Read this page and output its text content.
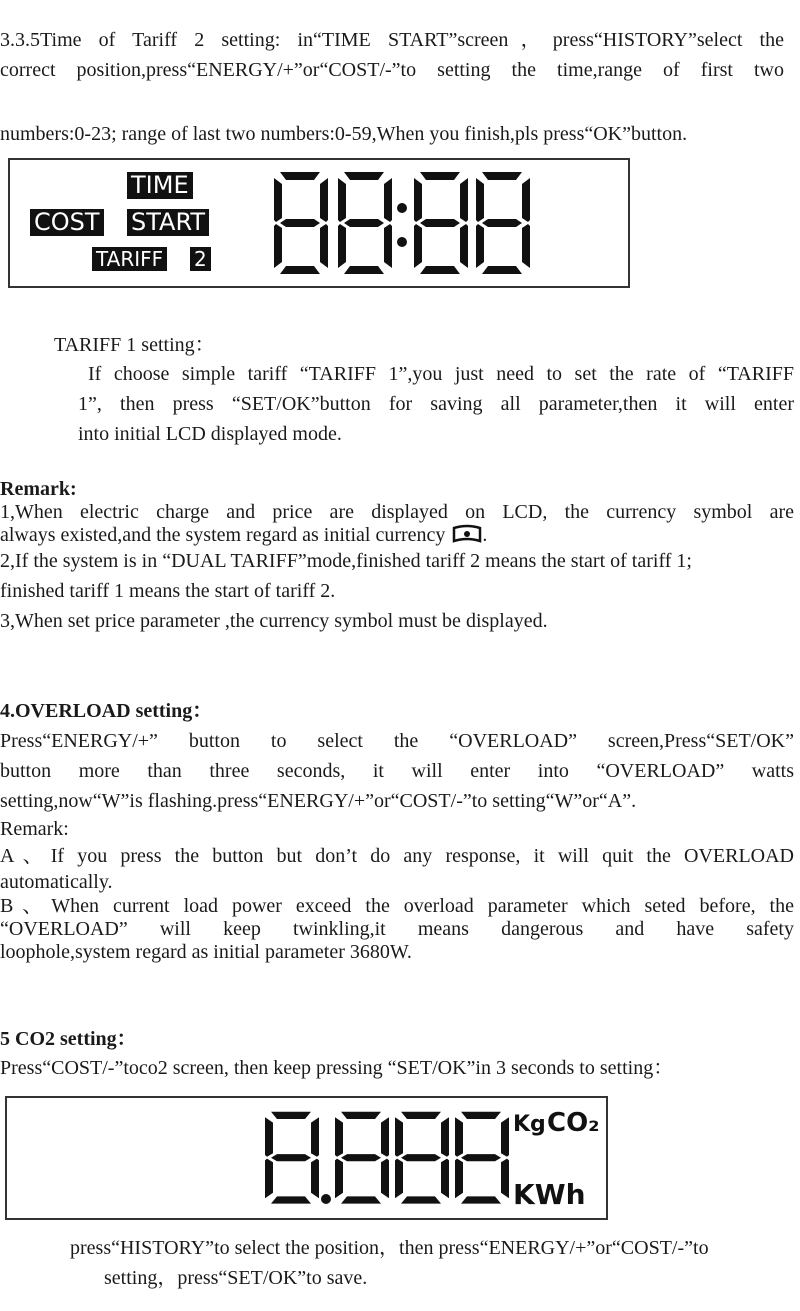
3.3.5Time of Tariff 2 setting: in“TIME START”screen，press“HISTORY”select the
correct position,press“ENERGY/+”or“COST/-”to setting the time,range of first two
numbers:0-23; range of last two numbers:0-59,When you finish,pls press“OK”button.
TIME
COST START
TARIFF 2
TARIFF 1 setting：
If choose simple tariff “TARIFF 1”,you just need to set the rate of “TARIFF
1”, then press “SET/OK”button for saving all parameter,then it will enter
into initial LCD displayed mode.
Remark:
1,When electric charge and price are displayed on LCD, the currency symbol are
always existed,and the system regard as initial currency .
2,If the system is in “DUAL TARIFF”mode,finished tariff 2 means the start of tariff 1;
finished tariff 1 means the start of tariff 2.
3,When set price parameter ,the currency symbol must be displayed.
4.OVERLOAD setting：
Press“ENERGY/+” button to select the “OVERLOAD” screen,Press“SET/OK”
button more than three seconds, it will enter into “OVERLOAD” watts
setting,now“W”is flashing.press“ENERGY/+”or“COST/-”to setting“W”or“A”.
Remark:
A、If you press the button but don’t do any response, it will quit the OVERLOAD
automatically.
B、When current load power exceed the overload parameter which seted before, the
“OVERLOAD” will keep twinkling,it means dangerous and have safety
loophole,system regard as initial parameter 3680W.
5 CO2 setting：
Press“COST/-”toco2 screen, then keep pressing “SET/OK”in 3 seconds to setting：
Kg CO₂
KWh
press“HISTORY”to select the position，then press“ENERGY/+”or“COST/-”to
setting，press“SET/OK”to save.
